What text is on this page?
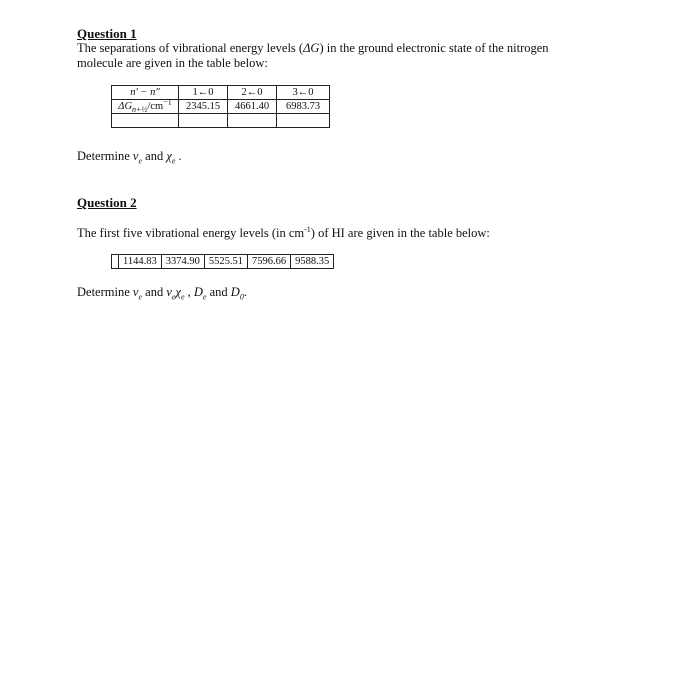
Question 1

The separations of vibrational energy levels (ΔG) in the ground electronic state of the nitrogen

molecule are given in the table below:

n′ − n″	1←0	2←0	3←0
$\Delta G_{n+\frac{1}{2}}/cm^{-1}$	2345.15	4661.40	6983.73

Determine $\nu_e$ and $\chi_e$ .

Question 2

The first five vibrational energy levels (in $cm^{-1}$) of HI are given in the table below:

	1144.83	3374.90	5525.51	7596.66	9588.35

Determine $\nu_e$ and $\nu_e\chi_e$ , $D_e$ and $D_0$.
